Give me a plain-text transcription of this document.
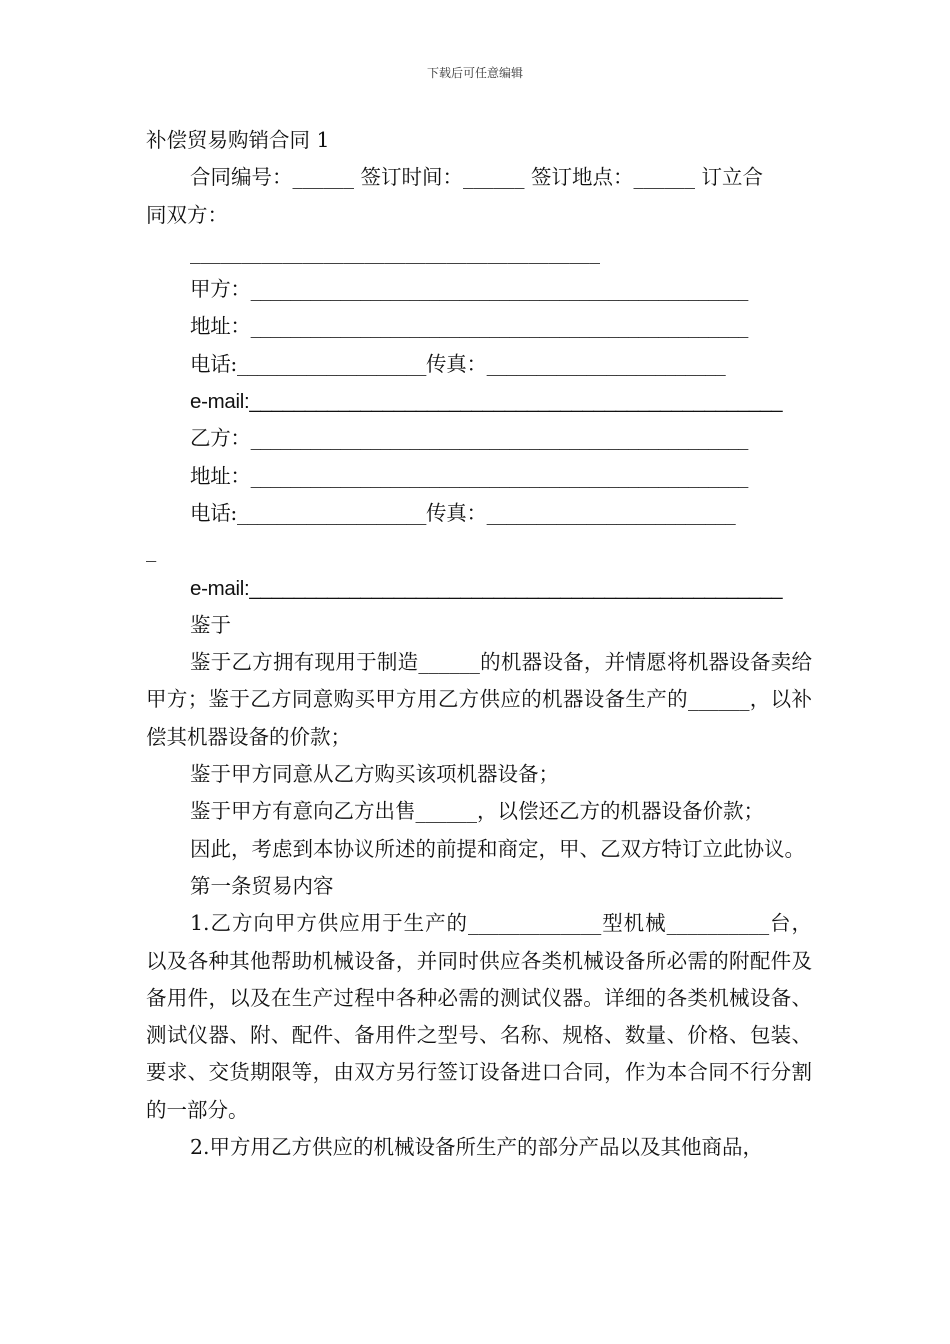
下载后可任意编辑

补偿贸易购销合同 1

合同编号：______ 签订时间：______ 签订地点：______ 订立合

同双方：

________________________________________

甲方：__________________________________________________

地址：__________________________________________________

电话:___________________传真：________________________

e-mail:________________________________________________

乙方：__________________________________________________

地址：__________________________________________________

电话:___________________传真：_________________________

_

e-mail:________________________________________________

鉴于

鉴于乙方拥有现用于制造______的机器设备，并情愿将机器设备卖给甲方；鉴于乙方同意购买甲方用乙方供应的机器设备生产的______，以补偿其机器设备的价款；

鉴于甲方同意从乙方购买该项机器设备；

鉴于甲方有意向乙方出售______，以偿还乙方的机器设备价款；

因此，考虑到本协议所述的前提和商定，甲、乙双方特订立此协议。

第一条贸易内容

1.乙方向甲方供应用于生产的_____________型机械__________台，以及各种其他帮助机械设备，并同时供应各类机械设备所必需的附配件及备用件，以及在生产过程中各种必需的测试仪器。详细的各类机械设备、测试仪器、附、配件、备用件之型号、名称、规格、数量、价格、包装、要求、交货期限等，由双方另行签订设备进口合同，作为本合同不行分割的一部分。

2.甲方用乙方供应的机械设备所生产的部分产品以及其他商品，
